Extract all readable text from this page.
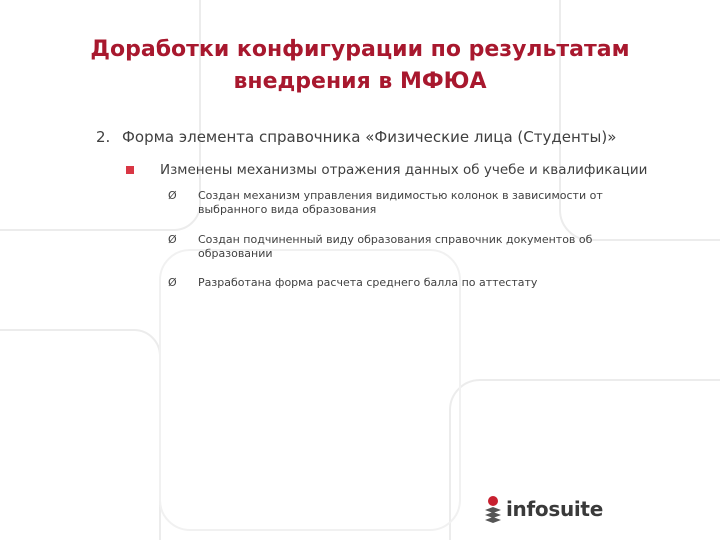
Доработки конфигурации по результатам
внедрения в МФЮА
2. Форма элемента справочника «Физические лица (Студенты)»
Изменены механизмы отражения данных об учебе и квалификации
Ø Создан механизм управления видимостью колонок в зависимости от выбранного вида образования
Ø Создан подчиненный виду образования справочник документов об образовании
Ø Разработана форма расчета среднего балла по аттестату
infosuite
